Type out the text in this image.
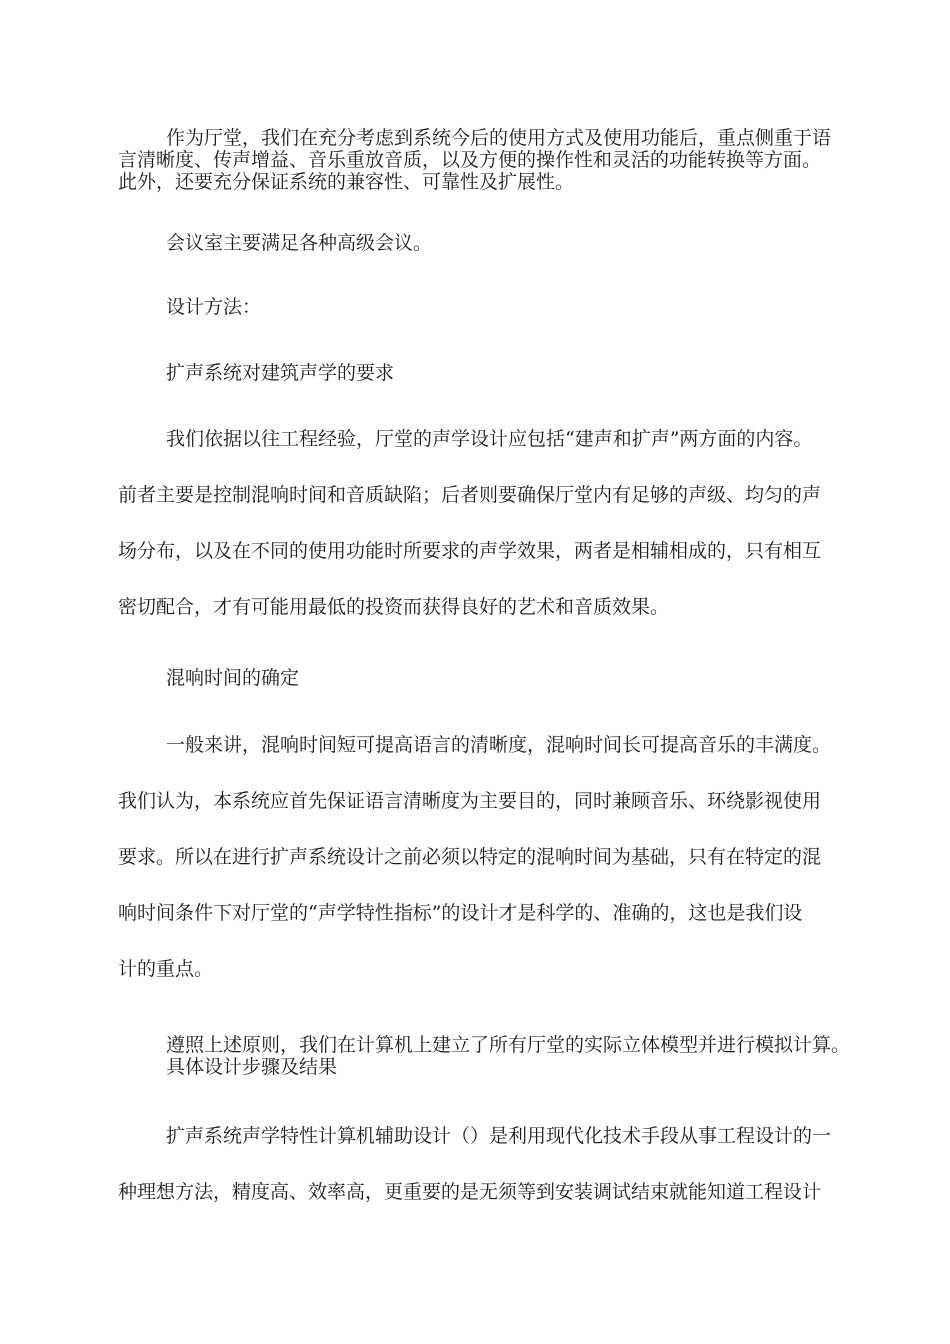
作为厅堂，我们在充分考虑到系统今后的使用方式及使用功能后，重点侧重于语
言清晰度、传声增益、音乐重放音质，以及方便的操作性和灵活的功能转换等方面。
此外，还要充分保证系统的兼容性、可靠性及扩展性。
会议室主要满足各种高级会议。
设计方法：
扩声系统对建筑声学的要求
我们依据以往工程经验，厅堂的声学设计应包括“建声和扩声”两方面的内容。
前者主要是控制混响时间和音质缺陷；后者则要确保厅堂内有足够的声级、均匀的声
场分布，以及在不同的使用功能时所要求的声学效果，两者是相辅相成的，只有相互
密切配合，才有可能用最低的投资而获得良好的艺术和音质效果。
混响时间的确定
一般来讲，混响时间短可提高语言的清晰度，混响时间长可提高音乐的丰满度。
我们认为，本系统应首先保证语言清晰度为主要目的，同时兼顾音乐、环绕影视使用
要求。所以在进行扩声系统设计之前必须以特定的混响时间为基础，只有在特定的混
响时间条件下对厅堂的“声学特性指标”的设计才是科学的、准确的，这也是我们设
计的重点。
遵照上述原则，我们在计算机上建立了所有厅堂的实际立体模型并进行模拟计算。
具体设计步骤及结果
扩声系统声学特性计算机辅助设计（）是利用现代化技术手段从事工程设计的一
种理想方法，精度高、效率高，更重要的是无须等到安装调试结束就能知道工程设计
